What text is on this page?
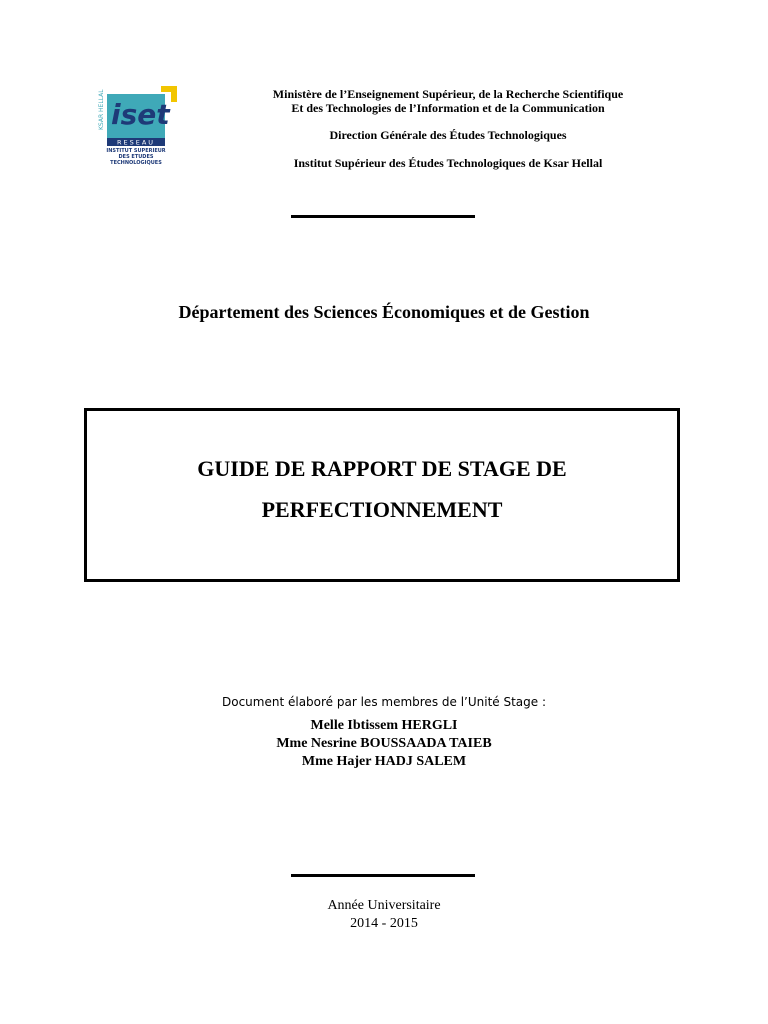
KSAR HELLAL iset
RESEAU
INSTITUT SUPERIEUR
DES ETUDES
TECHNOLOGIQUES
Ministère de l’Enseignement Supérieur, de la Recherche Scientifique
Et des Technologies de l’Information et de la Communication
Direction Générale des Études Technologiques
Institut Supérieur des Études Technologiques de Ksar Hellal
Département des Sciences Économiques et de Gestion
GUIDE DE RAPPORT DE STAGE DE
PERFECTIONNEMENT
Document élaboré par les membres de l’Unité Stage :
Melle Ibtissem HERGLI
Mme Nesrine BOUSSAADA TAIEB
Mme Hajer HADJ SALEM
Année Universitaire
2014 - 2015
